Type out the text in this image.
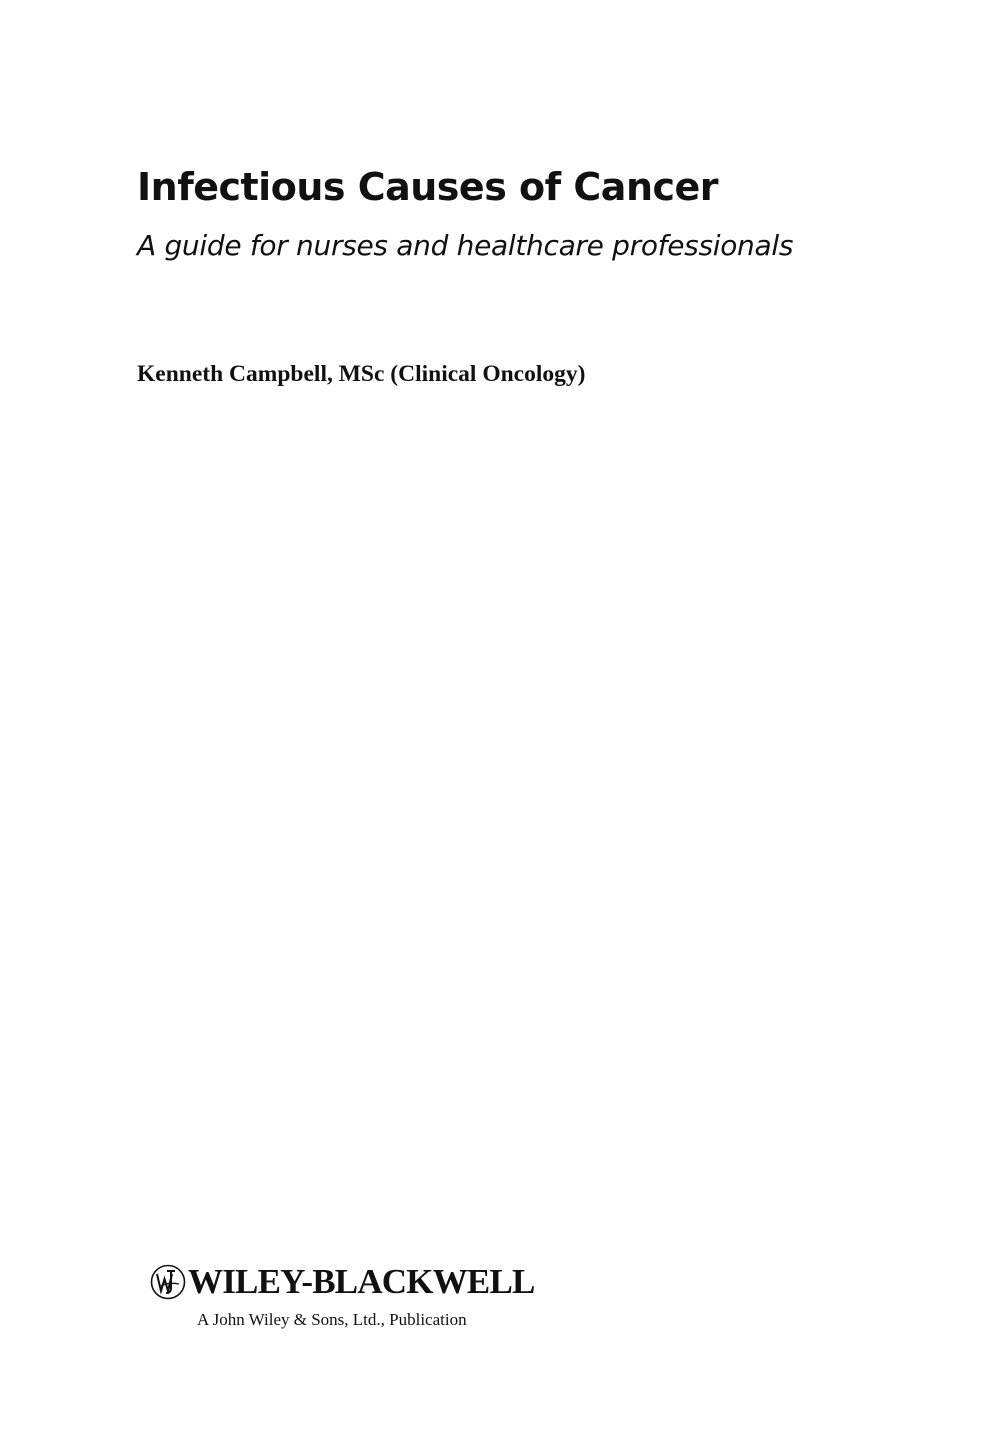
Infectious Causes of Cancer

A guide for nurses and healthcare professionals

Kenneth Campbell, MSc (Clinical Oncology)

WILEY-BLACKWELL
A John Wiley & Sons, Ltd., Publication
